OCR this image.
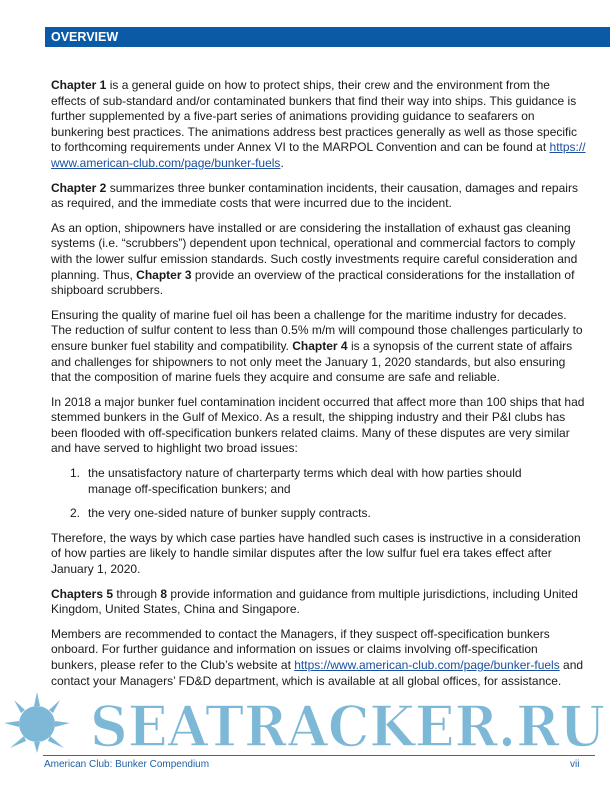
OVERVIEW

Chapter 1 is a general guide on how to protect ships, their crew and the environment from the effects of sub-standard and/or contaminated bunkers that find their way into ships. This guidance is further supplemented by a five-part series of animations providing guidance to seafarers on bunkering best practices. The animations address best practices generally as well as those specific to forthcoming requirements under Annex VI to the MARPOL Convention and can be found at https://www.american-club.com/page/bunker-fuels.

Chapter 2 summarizes three bunker contamination incidents, their causation, damages and repairs as required, and the immediate costs that were incurred due to the incident.

As an option, shipowners have installed or are considering the installation of exhaust gas cleaning systems (i.e. “scrubbers”) dependent upon technical, operational and commercial factors to comply with the lower sulfur emission standards. Such costly investments require careful consideration and planning. Thus, Chapter 3 provide an overview of the practical considerations for the installation of shipboard scrubbers.

Ensuring the quality of marine fuel oil has been a challenge for the maritime industry for decades. The reduction of sulfur content to less than 0.5% m/m will compound those challenges particularly to ensure bunker fuel stability and compatibility. Chapter 4 is a synopsis of the current state of affairs and challenges for shipowners to not only meet the January 1, 2020 standards, but also ensuring that the composition of marine fuels they acquire and consume are safe and reliable.

In 2018 a major bunker fuel contamination incident occurred that affect more than 100 ships that had stemmed bunkers in the Gulf of Mexico. As a result, the shipping industry and their P&I clubs has been flooded with off-specification bunkers related claims. Many of these disputes are very similar and have served to highlight two broad issues:

1. the unsatisfactory nature of charterparty terms which deal with how parties should manage off-specification bunkers; and
2. the very one-sided nature of bunker supply contracts.

Therefore, the ways by which case parties have handled such cases is instructive in a consideration of how parties are likely to handle similar disputes after the low sulfur fuel era takes effect after January 1, 2020.

Chapters 5 through 8 provide information and guidance from multiple jurisdictions, including United Kingdom, United States, China and Singapore.

Members are recommended to contact the Managers, if they suspect off-specification bunkers onboard. For further guidance and information on issues or claims involving off-specification bunkers, please refer to the Club’s website at https://www.american-club.com/page/bunker-fuels and contact your Managers’ FD&D department, which is available at all global offices, for assistance.

SEATRACKER.RU
American Club: Bunker Compendium	vii
